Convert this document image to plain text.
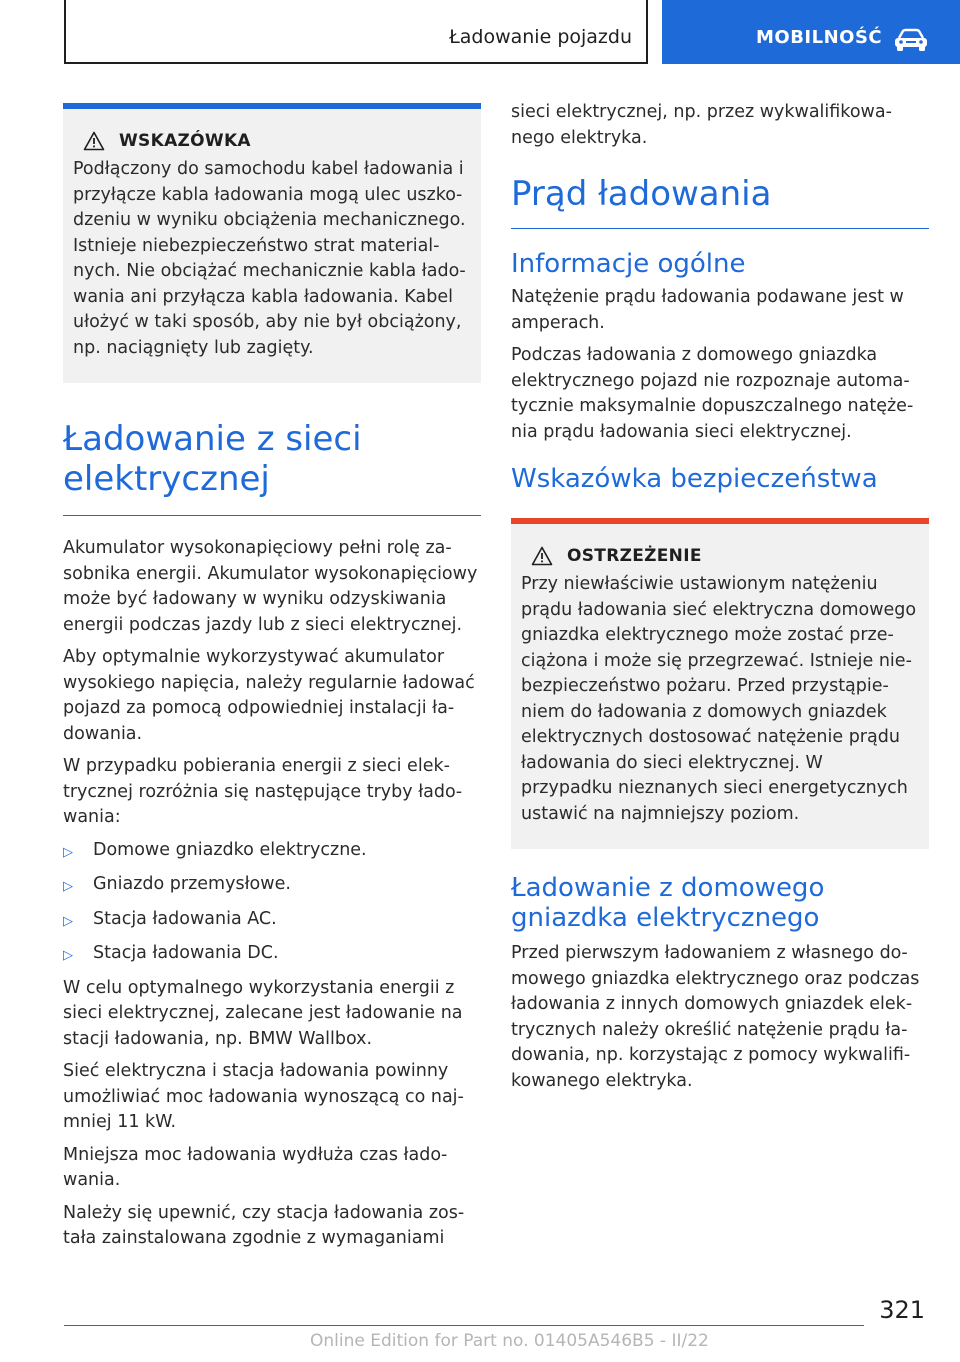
Ładowanie pojazdu	MOBILNOŚĆ
WSKAZÓWKA

Podłączony do samochodu kabel ładowania i przyłącze kabla ładowania mogą ulec uszkodzeniu w wyniku obciążenia mechanicznego. Istnieje niebezpieczeństwo strat materialnych. Nie obciążać mechanicznie kabla ładowania ani przyłącza kabla ładowania. Kabel ułożyć w taki sposób, aby nie był obciążony, np. naciągnięty lub zagięty.

Ładowanie z sieci
elektrycznej

Akumulator wysokonapięciowy pełni rolę zasobnika energii. Akumulator wysokonapięciowy może być ładowany w wyniku odzyskiwania energii podczas jazdy lub z sieci elektrycznej.

Aby optymalnie wykorzystywać akumulator wysokiego napięcia, należy regularnie ładować pojazd za pomocą odpowiedniej instalacji ładowania.

W przypadku pobierania energii z sieci elektrycznej rozróżnia się następujące tryby ładowania:

▷	Domowe gniazdko elektryczne.
▷	Gniazdo przemysłowe.
▷	Stacja ładowania AC.
▷	Stacja ładowania DC.

W celu optymalnego wykorzystania energii z sieci elektrycznej, zalecane jest ładowanie na stacji ładowania, np. BMW Wallbox.

Sieć elektryczna i stacja ładowania powinny umożliwiać moc ładowania wynoszącą co najmniej 11 kW.

Mniejsza moc ładowania wydłuża czas ładowania.

Należy się upewnić, czy stacja ładowania została zainstalowana zgodnie z wymaganiami

sieci elektrycznej, np. przez wykwalifikowanego elektryka.

Prąd ładowania
Informacje ogólne

Natężenie prądu ładowania podawane jest w amperach.

Podczas ładowania z domowego gniazdka elektrycznego pojazd nie rozpoznaje automatycznie maksymalnie dopuszczalnego natężenia prądu ładowania sieci elektrycznej.

Wskazówka bezpieczeństwa
OSTRZEŻENIE

Przy niewłaściwie ustawionym natężeniu prądu ładowania sieć elektryczna domowego gniazdka elektrycznego może zostać przeciążona i może się przegrzewać. Istnieje niebezpieczeństwo pożaru. Przed przystąpieniem do ładowania z domowych gniazdek elektrycznych dostosować natężenie prądu ładowania do sieci elektrycznej. W przypadku nieznanych sieci energetycznych ustawić na najmniejszy poziom.

Ładowanie z domowego gniazdka elektrycznego

Przed pierwszym ładowaniem z własnego domowego gniazdka elektrycznego oraz podczas ładowania z innych domowych gniazdek elektrycznych należy określić natężenie prądu ładowania, np. korzystając z pomocy wykwalifikowanego elektryka.

321
Online Edition for Part no. 01405A546B5 - II/22
